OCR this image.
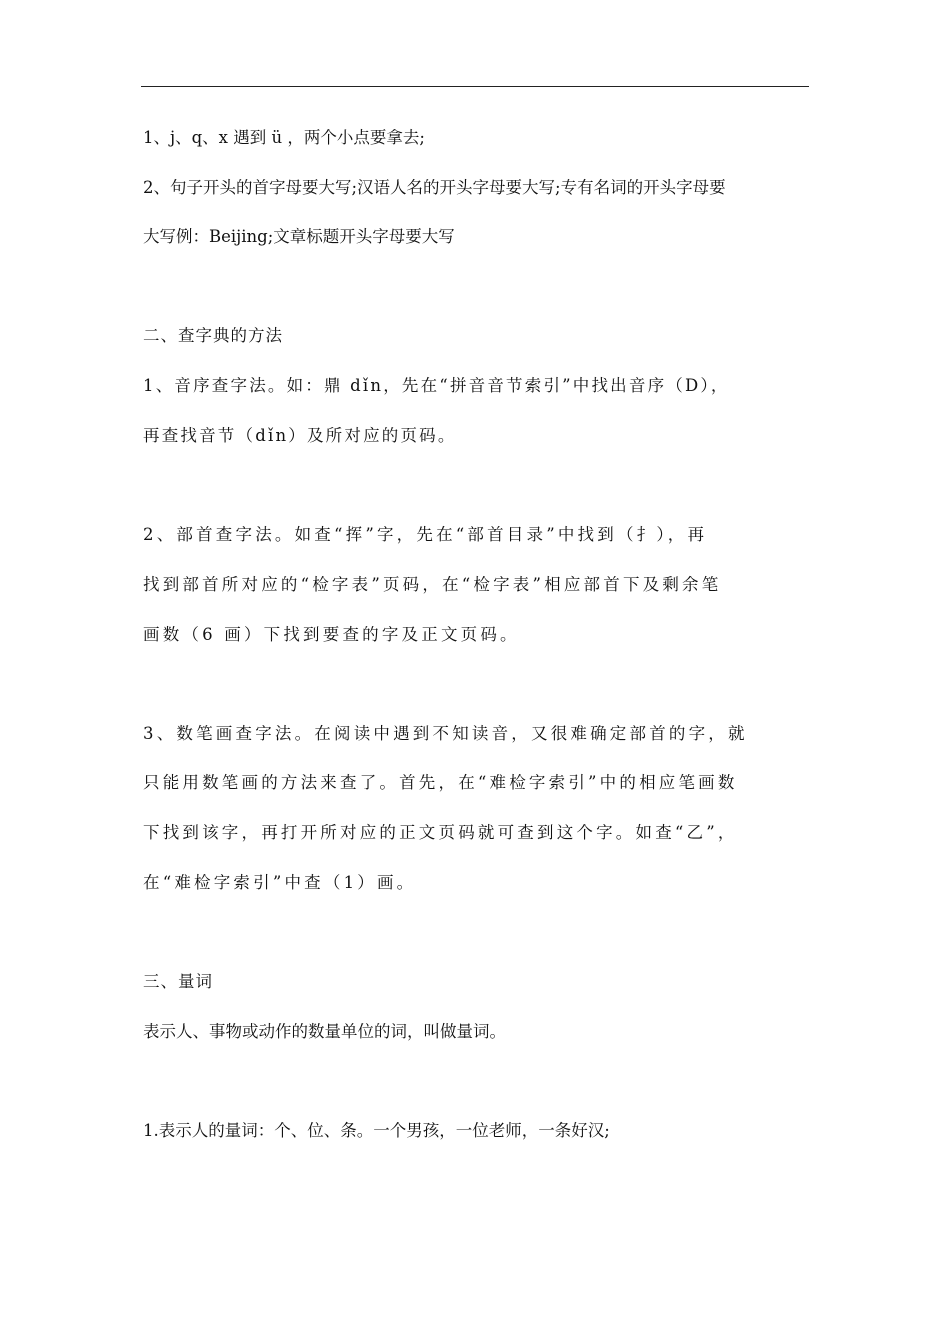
1、j、q、x 遇到 ü ，两个小点要拿去;
2、句子开头的首字母要大写;汉语人名的开头字母要大写;专有名词的开头字母要
大写例：Beijing;文章标题开头字母要大写
二、查字典的方法
1、音序查字法。如：鼎 dǐn，先在“拼音音节索引”中找出音序（D），
再查找音节（dǐn）及所对应的页码。
2、部首查字法。如查“挥”字，先在“部首目录”中找到（扌），再
找到部首所对应的“检字表”页码，在“检字表”相应部首下及剩余笔
画数（6 画）下找到要查的字及正文页码。
3、数笔画查字法。在阅读中遇到不知读音，又很难确定部首的字，就
只能用数笔画的方法来查了。首先，在“难检字索引”中的相应笔画数
下找到该字，再打开所对应的正文页码就可查到这个字。如查“乙”，
在“难检字索引”中查（1）画。
三、量词
表示人、事物或动作的数量单位的词，叫做量词。
1.表示人的量词：个、位、条。一个男孩，一位老师，一条好汉;
